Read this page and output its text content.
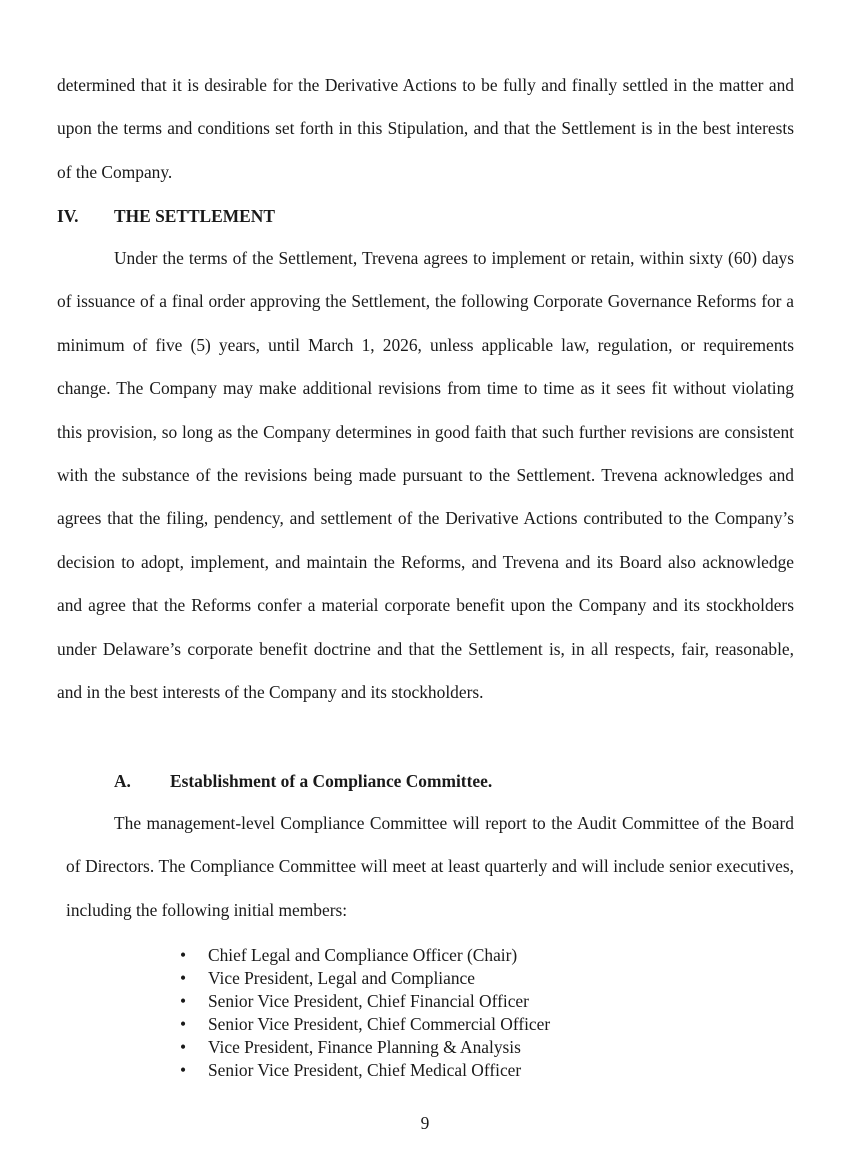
determined that it is desirable for the Derivative Actions to be fully and finally settled in the matter and upon the terms and conditions set forth in this Stipulation, and that the Settlement is in the best interests of the Company.

IV. THE SETTLEMENT

Under the terms of the Settlement, Trevena agrees to implement or retain, within sixty (60) days of issuance of a final order approving the Settlement, the following Corporate Governance Reforms for a minimum of five (5) years, until March 1, 2026, unless applicable law, regulation, or requirements change. The Company may make additional revisions from time to time as it sees fit without violating this provision, so long as the Company determines in good faith that such further revisions are consistent with the substance of the revisions being made pursuant to the Settlement. Trevena acknowledges and agrees that the filing, pendency, and settlement of the Derivative Actions contributed to the Company’s decision to adopt, implement, and maintain the Reforms, and Trevena and its Board also acknowledge and agree that the Reforms confer a material corporate benefit upon the Company and its stockholders under Delaware’s corporate benefit doctrine and that the Settlement is, in all respects, fair, reasonable, and in the best interests of the Company and its stockholders.

A. Establishment of a Compliance Committee.

The management-level Compliance Committee will report to the Audit Committee of the Board of Directors. The Compliance Committee will meet at least quarterly and will include senior executives, including the following initial members:

• Chief Legal and Compliance Officer (Chair)
• Vice President, Legal and Compliance
• Senior Vice President, Chief Financial Officer
• Senior Vice President, Chief Commercial Officer
• Vice President, Finance Planning & Analysis
• Senior Vice President, Chief Medical Officer
9
